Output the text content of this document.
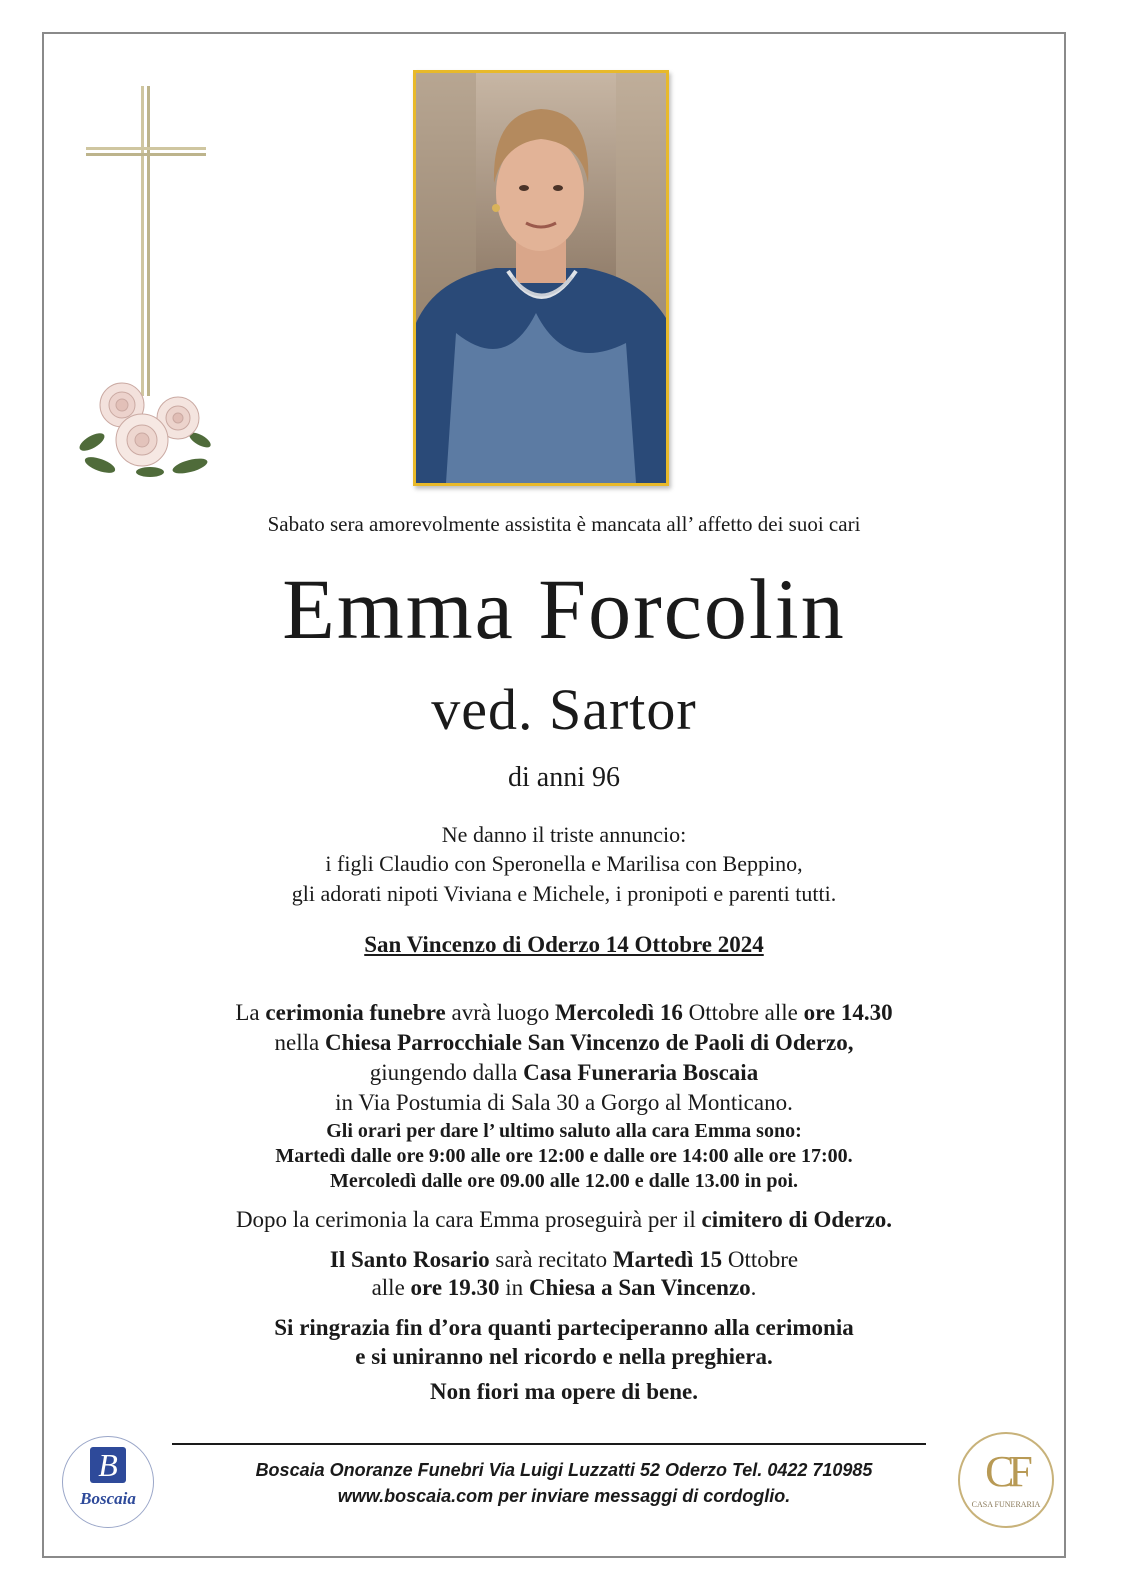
Sabato sera amorevolmente assistita è mancata all’ affetto dei suoi cari
Emma Forcolin
ved. Sartor
di anni 96
Ne danno il triste annuncio:
i figli Claudio con Speronella e Marilisa con Beppino,
gli adorati nipoti Viviana e Michele, i pronipoti e parenti tutti.
San Vincenzo di Oderzo 14 Ottobre 2024
La cerimonia funebre avrà luogo Mercoledì 16 Ottobre alle ore 14.30
nella Chiesa Parrocchiale San Vincenzo de Paoli di Oderzo,
giungendo dalla Casa Funeraria Boscaia
in Via Postumia di Sala 30 a Gorgo al Monticano.
Gli orari per dare l’ ultimo saluto alla cara Emma sono:
Martedì dalle ore 9:00 alle ore 12:00 e dalle ore 14:00 alle ore 17:00.
Mercoledì dalle ore 09.00 alle 12.00 e dalle 13.00 in poi.
Dopo la cerimonia la cara Emma proseguirà per il cimitero di Oderzo.
Il Santo Rosario sarà recitato Martedì 15 Ottobre
alle ore 19.30 in Chiesa a San Vincenzo.
Si ringrazia fin d’ora quanti parteciperanno alla cerimonia
e si uniranno nel ricordo e nella preghiera.
Non fiori ma opere di bene.
Boscaia Onoranze Funebri Via Luigi Luzzatti 52 Oderzo Tel. 0422 710985
www.boscaia.com per inviare messaggi di cordoglio.
B
Boscaia
CF
CASA FUNERARIA
